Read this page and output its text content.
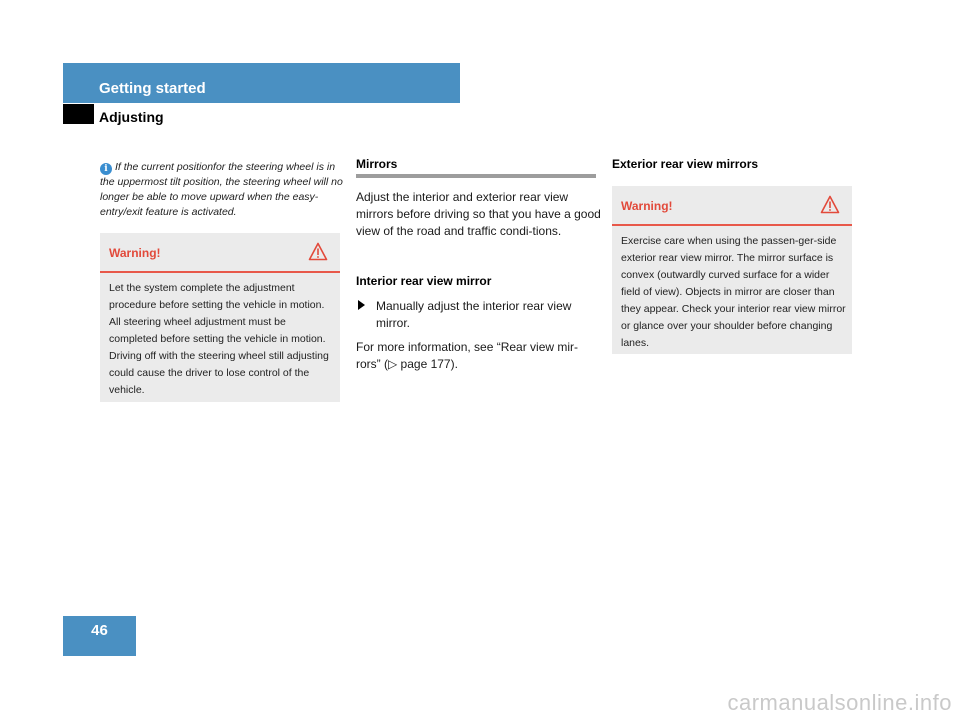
Getting started
Adjusting
i If the current positionfor the steering wheel is in the uppermost tilt position, the steering wheel will no longer be able to move upward when the easy-entry/exit feature is activated.
Warning!
Let the system complete the adjustment procedure before setting the vehicle in motion. All steering wheel adjustment must be completed before setting the vehicle in motion. Driving off with the steering wheel still adjusting could cause the driver to lose control of the vehicle.
Mirrors
Adjust the interior and exterior rear view mirrors before driving so that you have a good view of the road and traffic condi-tions.
Interior rear view mirror
Manually adjust the interior rear view mirror.
For more information, see “Rear view mir-rors” (▷ page 177).
Exterior rear view mirrors
Warning!
Exercise care when using the passen-ger-side exterior rear view mirror. The mirror surface is convex (outwardly curved surface for a wider field of view). Objects in mirror are closer than they appear. Check your interior rear view mirror or glance over your shoulder before changing lanes.
46
carmanualsonline.info
